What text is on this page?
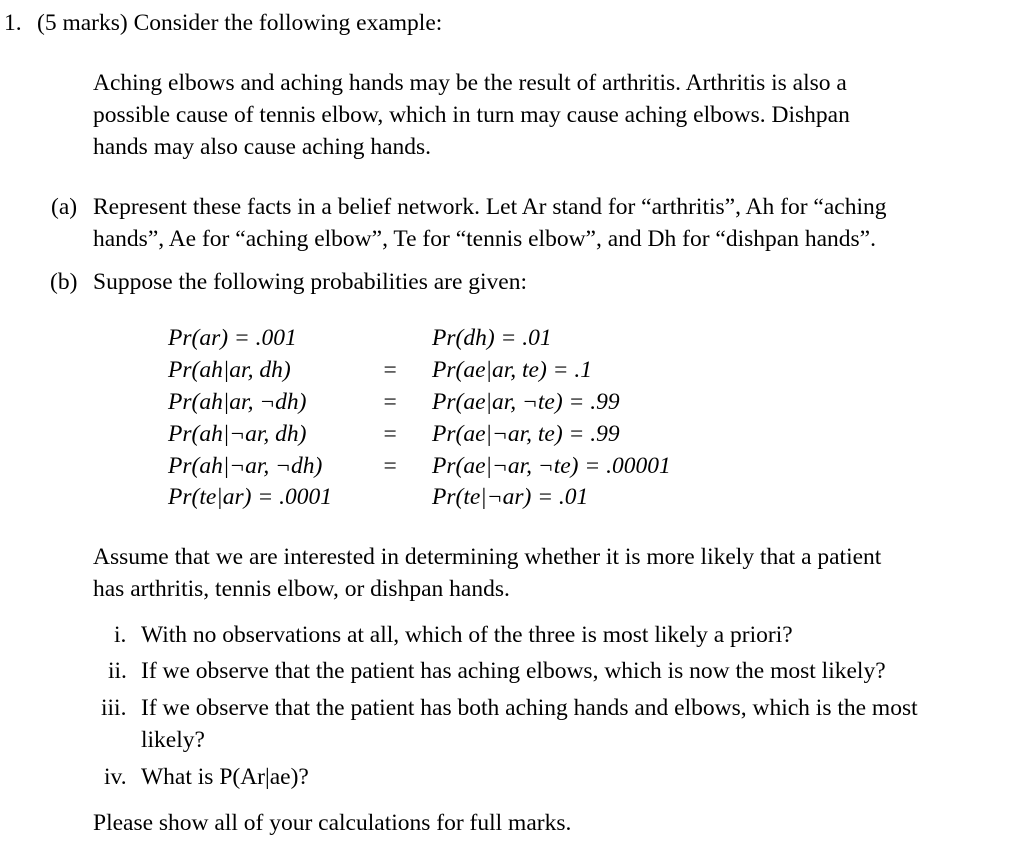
1. (5 marks) Consider the following example:
Aching elbows and aching hands may be the result of arthritis. Arthritis is also a
possible cause of tennis elbow, which in turn may cause aching elbows. Dishpan
hands may also cause aching hands.
(a) Represent these facts in a belief network. Let Ar stand for “arthritis”, Ah for “aching
hands”, Ae for “aching elbow”, Te for “tennis elbow”, and Dh for “dishpan hands”.
(b) Suppose the following probabilities are given:
Pr(ar) = .001	Pr(dh) = .01
Pr(ah|ar, dh)	= Pr(ae|ar, te) = .1
Pr(ah|ar, ¬dh)	= Pr(ae|ar, ¬te) = .99
Pr(ah|¬ar, dh)	= Pr(ae|¬ar, te) = .99
Pr(ah|¬ar, ¬dh)	= Pr(ae|¬ar, ¬te) = .00001
Pr(te|ar) = .0001	Pr(te|¬ar) = .01
Assume that we are interested in determining whether it is more likely that a patient
has arthritis, tennis elbow, or dishpan hands.
i. With no observations at all, which of the three is most likely a priori?
ii. If we observe that the patient has aching elbows, which is now the most likely?
iii. If we observe that the patient has both aching hands and elbows, which is the most
likely?
iv. What is P(Ar|ae)?
Please show all of your calculations for full marks.
